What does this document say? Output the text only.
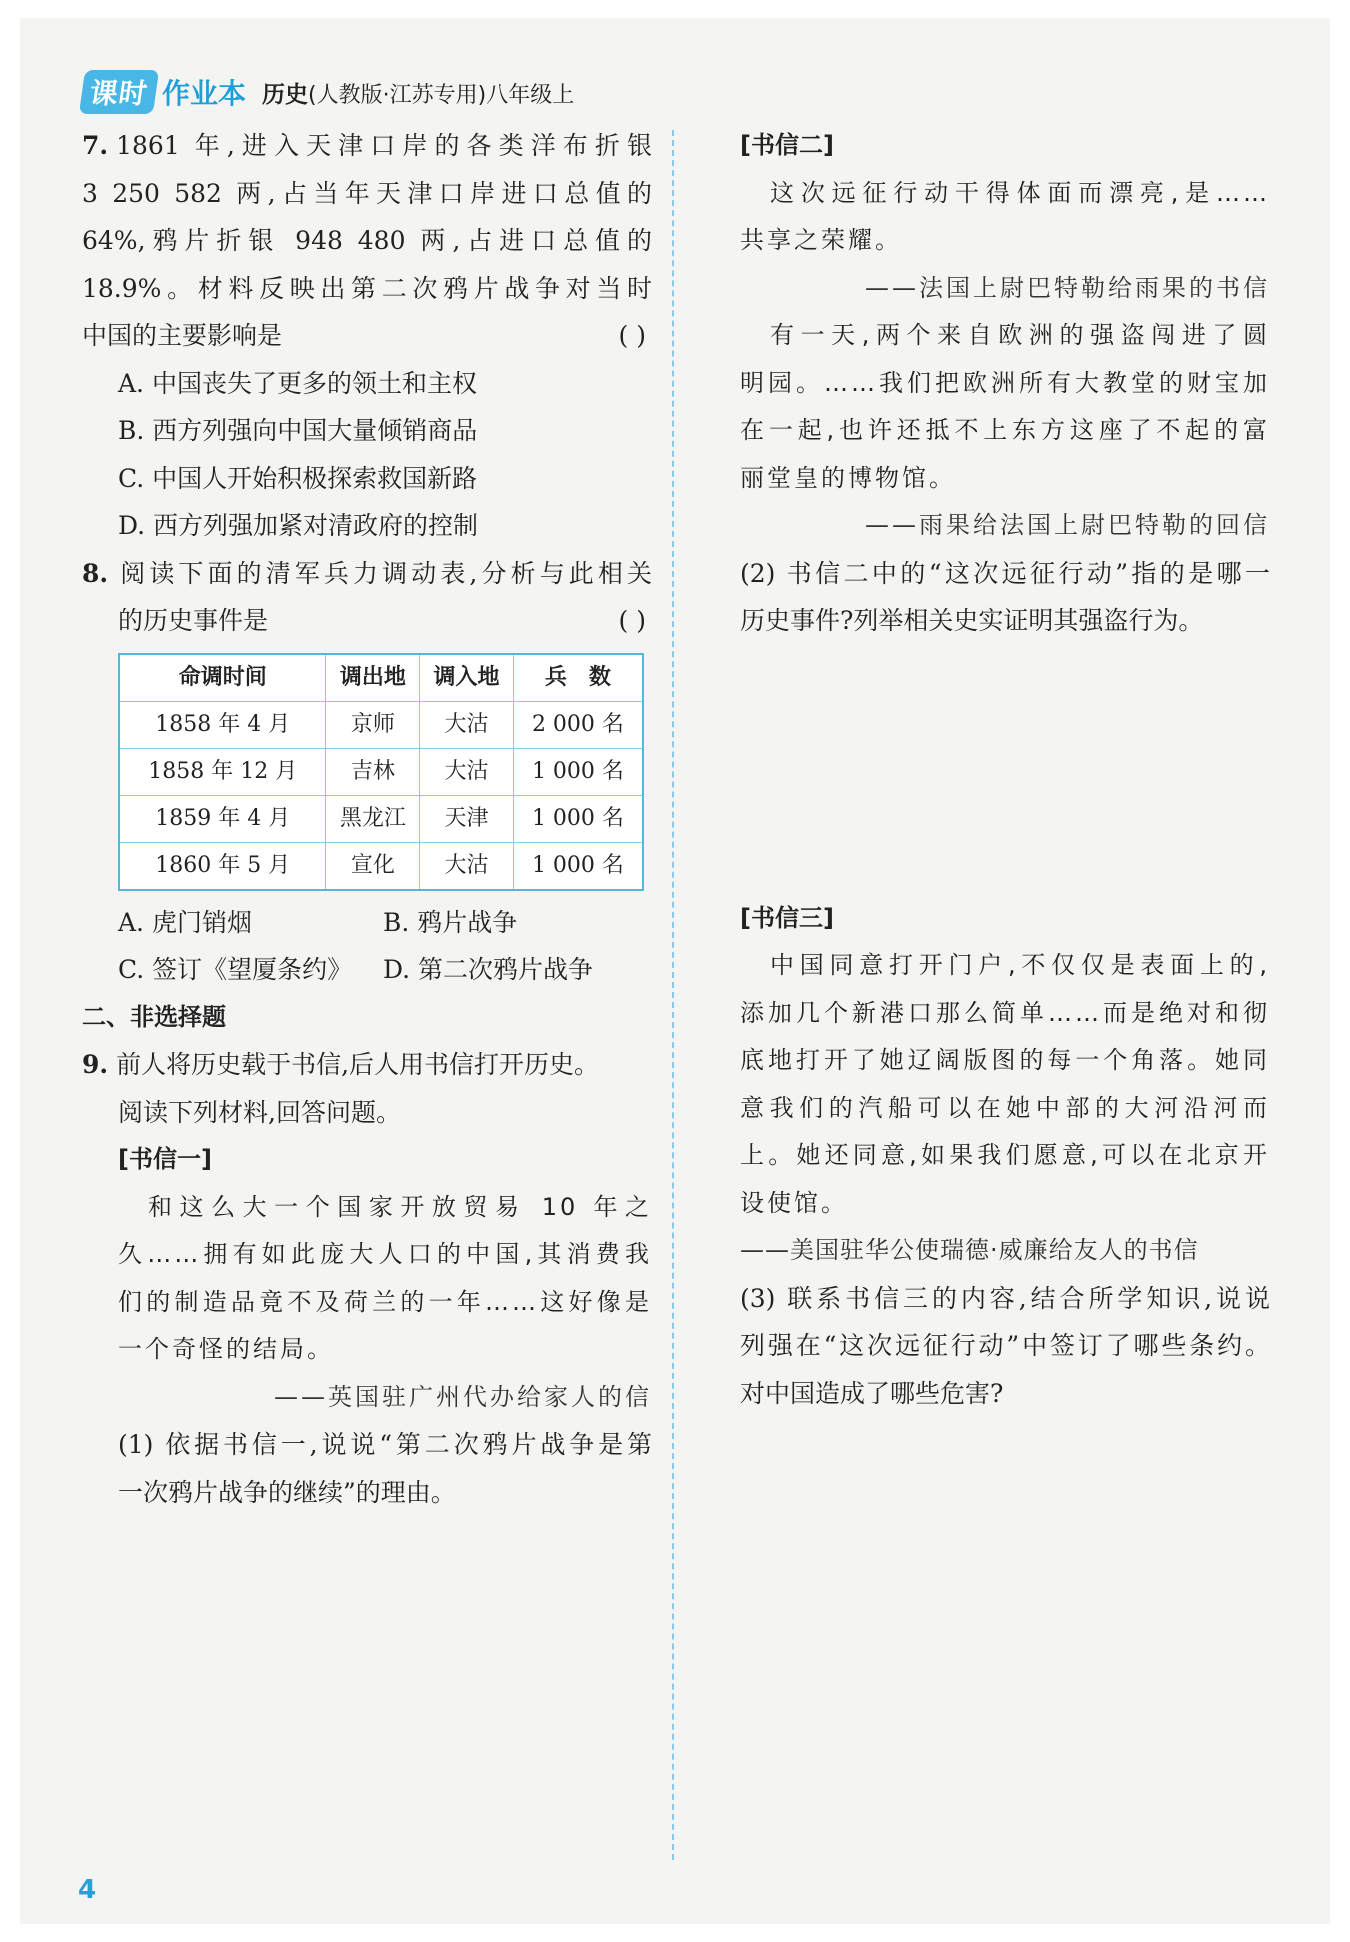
课时 作业本 历史(人教版·江苏专用)八年级上
7. 1861 年,进入天津口岸的各类洋布折银
3 250 582 两,占当年天津口岸进口总值的
64%,鸦片折银 948 480 两,占进口总值的
18.9%。材料反映出第二次鸦片战争对当时
中国的主要影响是	( )
A. 中国丧失了更多的领土和主权
B. 西方列强向中国大量倾销商品
C. 中国人开始积极探索救国新路
D. 西方列强加紧对清政府的控制
8. 阅读下面的清军兵力调动表,分析与此相关
的历史事件是	( )
命调时间	调出地	调入地	兵　数
1858 年 4 月	京师	大沽	2 000 名
1858 年 12 月	吉林	大沽	1 000 名
1859 年 4 月	黑龙江	天津	1 000 名
1860 年 5 月	宣化	大沽	1 000 名
A. 虎门销烟	B. 鸦片战争
C. 签订《望厦条约》	D. 第二次鸦片战争
二、非选择题
9. 前人将历史载于书信,后人用书信打开历史。
阅读下列材料,回答问题。
[书信一]
和这么大一个国家开放贸易 10 年之
久……拥有如此庞大人口的中国,其消费我
们的制造品竟不及荷兰的一年……这好像是
一个奇怪的结局。
——英国驻广州代办给家人的信
(1) 依据书信一,说说“第二次鸦片战争是第
一次鸦片战争的继续”的理由。
[书信二]
这次远征行动干得体面而漂亮,是……
共享之荣耀。
——法国上尉巴特勒给雨果的书信
有一天,两个来自欧洲的强盗闯进了圆
明园。……我们把欧洲所有大教堂的财宝加
在一起,也许还抵不上东方这座了不起的富
丽堂皇的博物馆。
——雨果给法国上尉巴特勒的回信
(2) 书信二中的“这次远征行动”指的是哪一
历史事件?列举相关史实证明其强盗行为。
[书信三]
中国同意打开门户,不仅仅是表面上的,
添加几个新港口那么简单……而是绝对和彻
底地打开了她辽阔版图的每一个角落。她同
意我们的汽船可以在她中部的大河沿河而
上。她还同意,如果我们愿意,可以在北京开
设使馆。
——美国驻华公使瑞德·威廉给友人的书信
(3) 联系书信三的内容,结合所学知识,说说
列强在“这次远征行动”中签订了哪些条约。
对中国造成了哪些危害?
4
